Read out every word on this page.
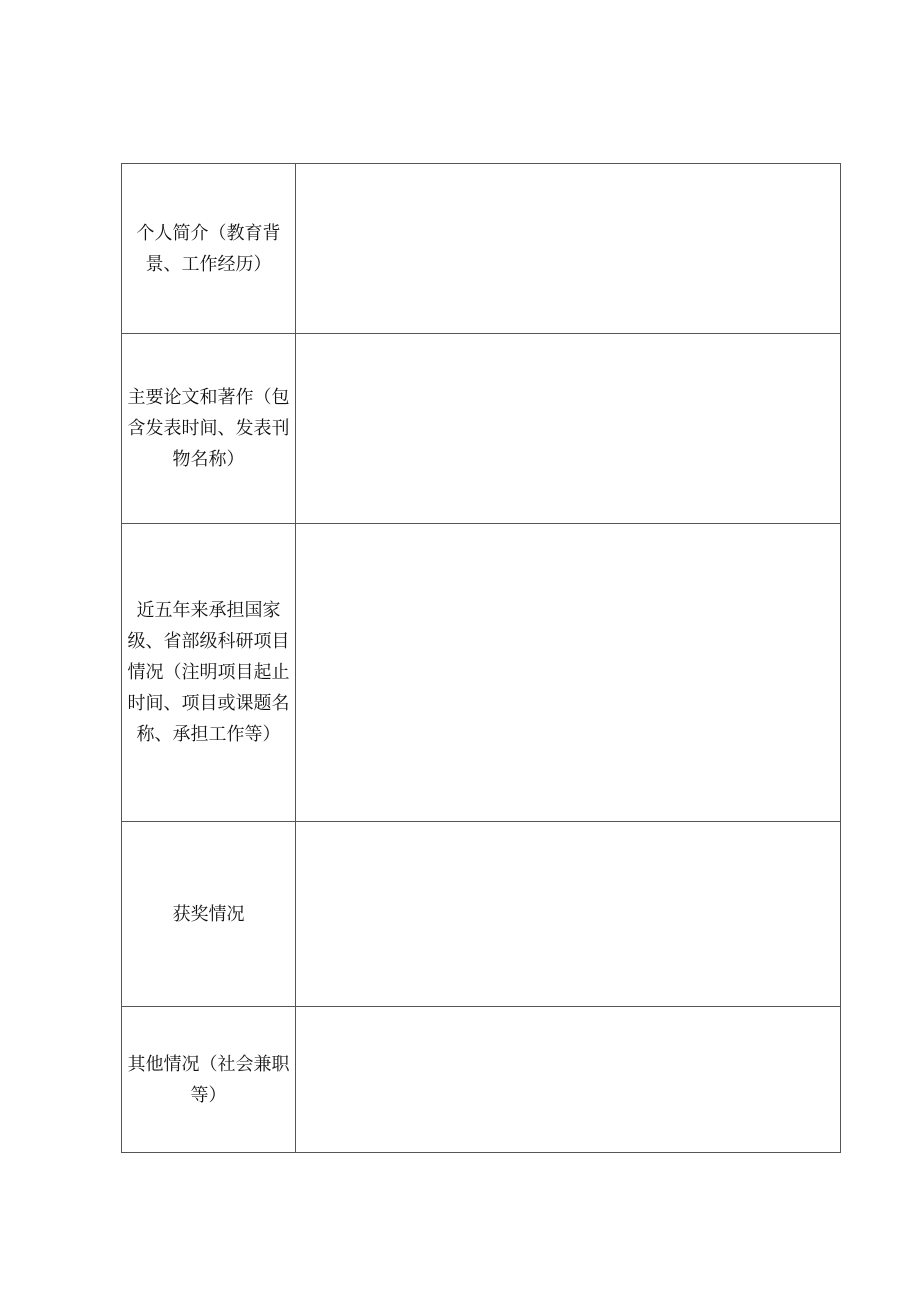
个人简介（教育背景、工作经历）	

主要论文和著作（包含发表时间、发表刊物名称）	

近五年来承担国家级、省部级科研项目情况（注明项目起止时间、项目或课题名称、承担工作等）	

获奖情况	

其他情况（社会兼职等）	
